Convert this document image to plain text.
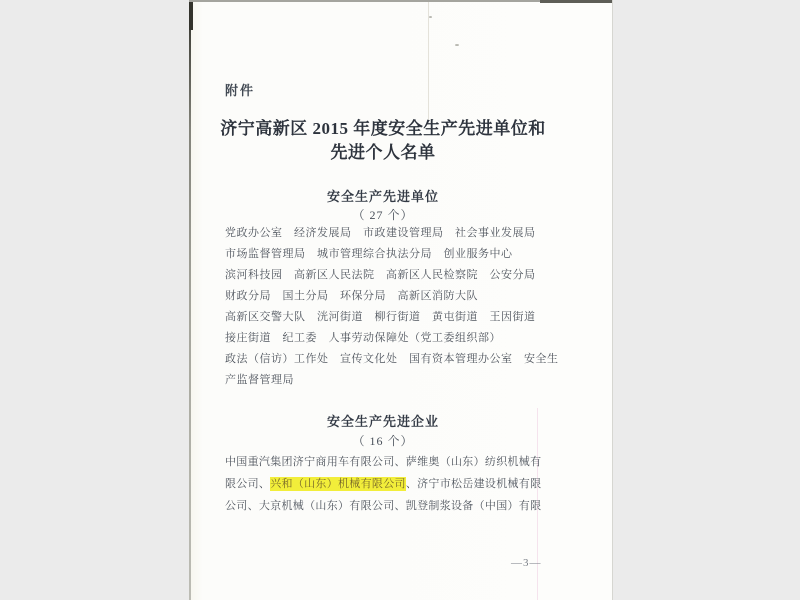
附件
济宁高新区 2015 年度安全生产先进单位和
先进个人名单
安全生产先进单位
（ 27 个）
党政办公室　经济发展局　市政建设管理局　社会事业发展局
市场监督管理局　城市管理综合执法分局　创业服务中心
滨河科技园　高新区人民法院　高新区人民检察院　公安分局
财政分局　国土分局　环保分局　高新区消防大队
高新区交警大队　洸河街道　柳行街道　黄屯街道　王因街道
接庄街道　纪工委　人事劳动保障处（党工委组织部）
政法（信访）工作处　宣传文化处　国有资本管理办公室　安全生
产监督管理局
安全生产先进企业
（ 16 个）
中国重汽集团济宁商用车有限公司、萨维奥（山东）纺织机械有
限公司、兴和（山东）机械有限公司、济宁市松岳建设机械有限
公司、大京机械（山东）有限公司、凯登制浆设备（中国）有限
—3—
